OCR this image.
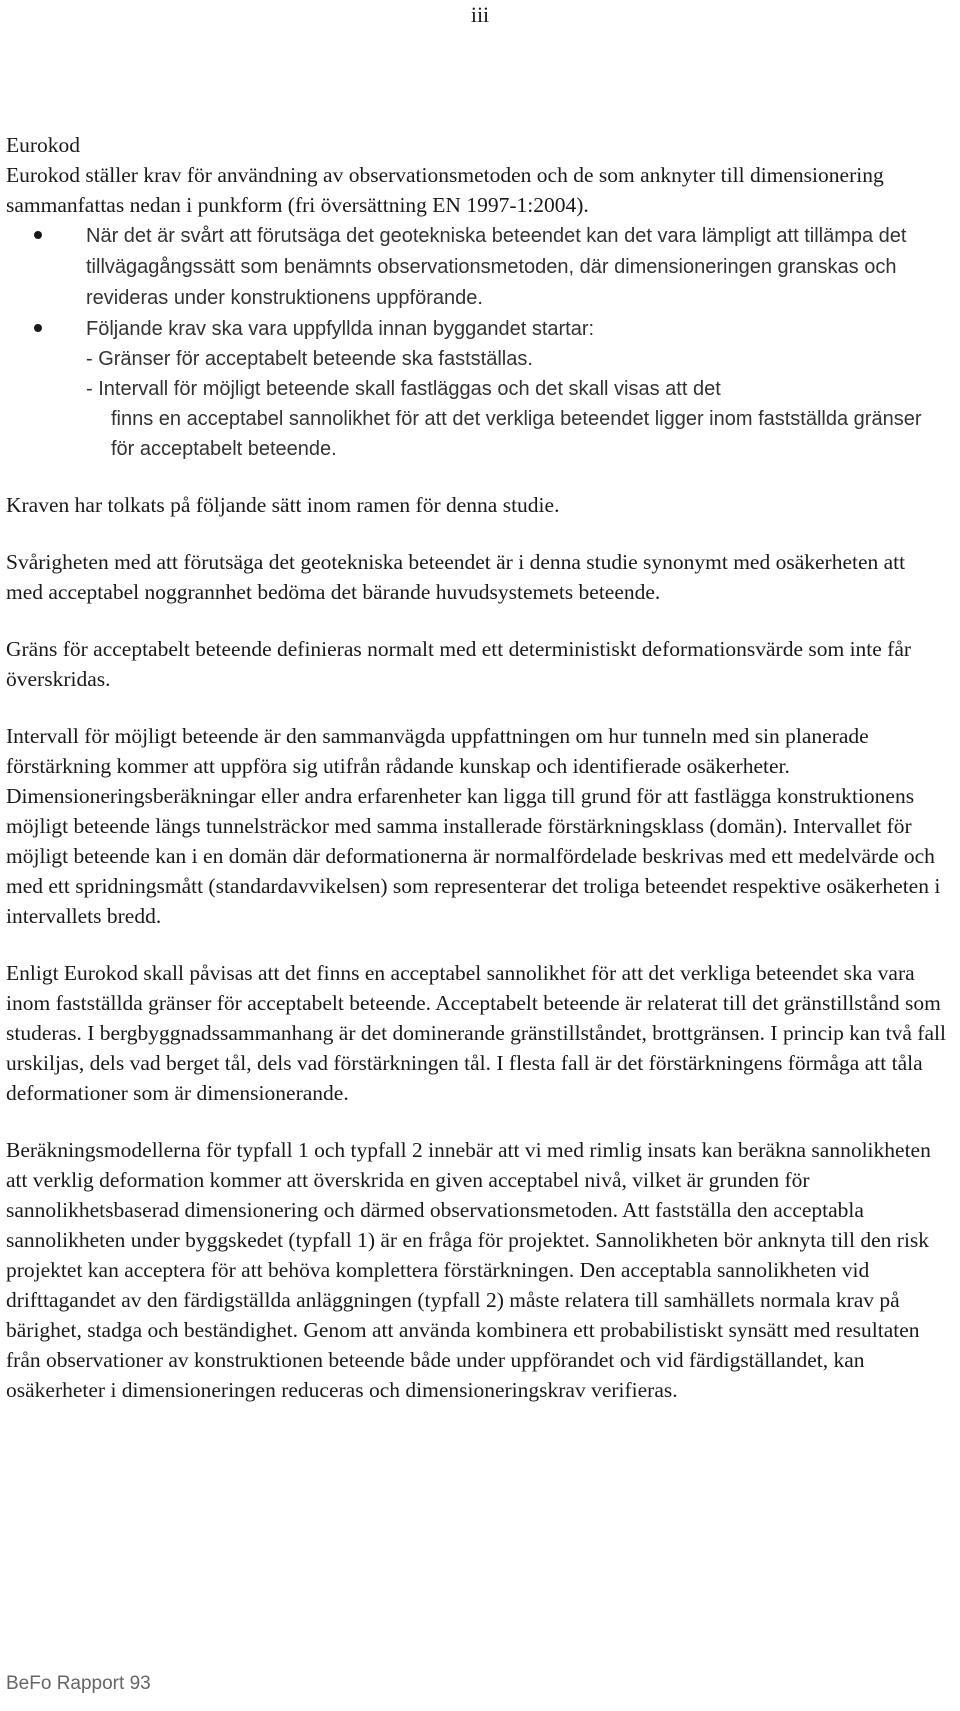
iii

Eurokod

Eurokod ställer krav för användning av observationsmetoden och de som anknyter till dimensionering sammanfattas nedan i punkform (fri översättning EN 1997-1:2004).

När det är svårt att förutsäga det geotekniska beteendet kan det vara lämpligt att tillämpa det tillvägagångssätt som benämnts observationsmetoden, där dimensioneringen granskas och revideras under konstruktionens uppförande.
Följande krav ska vara uppfyllda innan byggandet startar:
- Gränser för acceptabelt beteende ska fastställas.
- Intervall för möjligt beteende skall fastläggas och det skall visas att det
finns en acceptabel sannolikhet för att det verkliga beteendet ligger inom fastställda gränser för acceptabelt beteende.

Kraven har tolkats på följande sätt inom ramen för denna studie.

Svårigheten med att förutsäga det geotekniska beteendet är i denna studie synonymt med osäkerheten att med acceptabel noggrannhet bedöma det bärande huvudsystemets beteende.

Gräns för acceptabelt beteende definieras normalt med ett deterministiskt deformationsvärde som inte får överskridas.

Intervall för möjligt beteende är den sammanvägda uppfattningen om hur tunneln med sin planerade förstärkning kommer att uppföra sig utifrån rådande kunskap och identifierade osäkerheter. Dimensioneringsberäkningar eller andra erfarenheter kan ligga till grund för att fastlägga konstruktionens möjligt beteende längs tunnelsträckor med samma installerade förstärkningsklass (domän). Intervallet för möjligt beteende kan i en domän där deformationerna är normalfördelade beskrivas med ett medelvärde och med ett spridningsmått (standardavvikelsen) som representerar det troliga beteendet respektive osäkerheten i intervallets bredd.

Enligt Eurokod skall påvisas att det finns en acceptabel sannolikhet för att det verkliga beteendet ska vara inom fastställda gränser för acceptabelt beteende. Acceptabelt beteende är relaterat till det gränstillstånd som studeras. I bergbyggnadssammanhang är det dominerande gränstillståndet, brottgränsen. I princip kan två fall urskiljas, dels vad berget tål, dels vad förstärkningen tål. I flesta fall är det förstärkningens förmåga att tåla deformationer som är dimensionerande.

Beräkningsmodellerna för typfall 1 och typfall 2 innebär att vi med rimlig insats kan beräkna sannolikheten att verklig deformation kommer att överskrida en given acceptabel nivå, vilket är grunden för sannolikhetsbaserad dimensionering och därmed observationsmetoden. Att fastställa den acceptabla sannolikheten under byggskedet (typfall 1) är en fråga för projektet. Sannolikheten bör anknyta till den risk projektet kan acceptera för att behöva komplettera förstärkningen. Den acceptabla sannolikheten vid drifttagandet av den färdigställda anläggningen (typfall 2) måste relatera till samhällets normala krav på bärighet, stadga och beständighet. Genom att använda kombinera ett probabilistiskt synsätt med resultaten från observationer av konstruktionen beteende både under uppförandet och vid färdigställandet, kan osäkerheter i dimensioneringen reduceras och dimensioneringskrav verifieras.

BeFo Rapport 93
